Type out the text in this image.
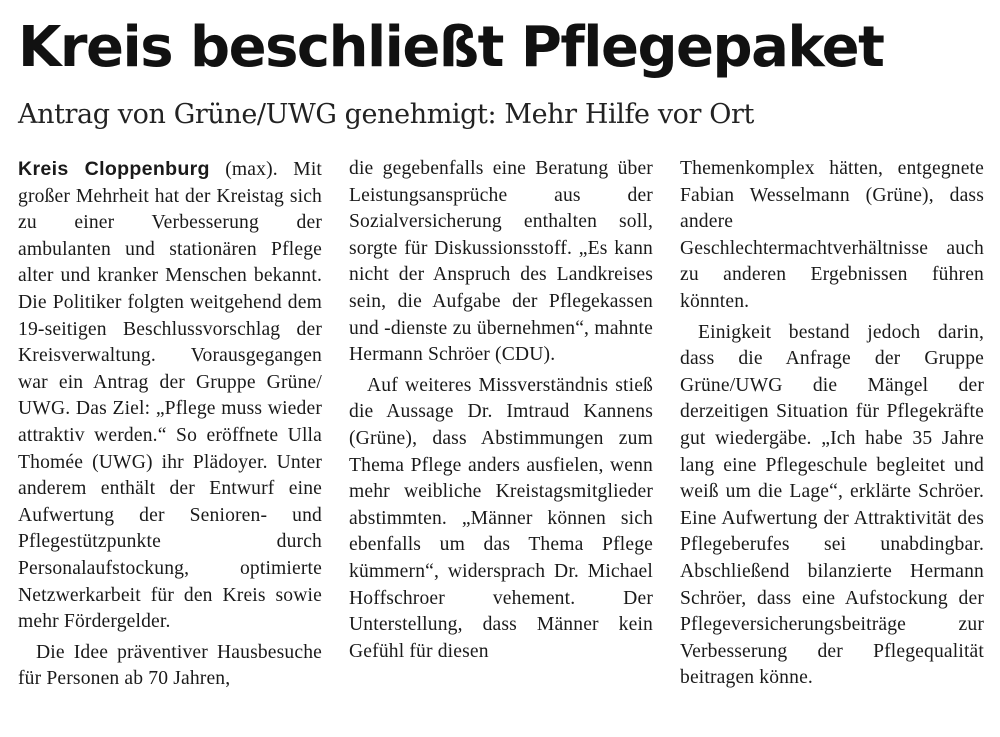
Kreis beschließt Pflegepaket
Antrag von Grüne/UWG genehmigt: Mehr Hilfe vor Ort

Kreis Cloppenburg (max). Mit großer Mehrheit hat der Kreistag sich zu einer Verbesserung der ambulanten und stationären Pflege alter und kranker Menschen bekannt. Die Politiker folgten weitgehend dem 19-seitigen Beschlussvorschlag der Kreisverwaltung. Vorausgegangen war ein Antrag der Gruppe Grüne/ UWG. Das Ziel: „Pflege muss wieder attraktiv werden.“ So eröffnete Ulla Thomée (UWG) ihr Plädoyer. Unter anderem enthält der Entwurf eine Aufwertung der Senioren- und Pflegestützpunkte durch Personalaufstockung, optimierte Netzwerkarbeit für den Kreis sowie mehr Fördergelder.

Die Idee präventiver Hausbesuche für Personen ab 70 Jahren,

die gegebenfalls eine Beratung über Leistungsansprüche aus der Sozialversicherung enthalten soll, sorgte für Diskussionsstoff. „Es kann nicht der Anspruch des Landkreises sein, die Aufgabe der Pflegekassen und -dienste zu übernehmen“, mahnte Hermann Schröer (CDU).

Auf weiteres Missverständnis stieß die Aussage Dr. Imtraud Kannens (Grüne), dass Abstimmungen zum Thema Pflege anders ausfielen, wenn mehr weibliche Kreistagsmitglieder abstimmten. „Männer können sich ebenfalls um das Thema Pflege kümmern“, widersprach Dr. Michael Hoffschroer vehement. Der Unterstellung, dass Männer kein Gefühl für diesen

Themenkomplex hätten, entgegnete Fabian Wesselmann (Grüne), dass andere Geschlechtermachtverhältnisse auch zu anderen Ergebnissen führen könnten.

Einigkeit bestand jedoch darin, dass die Anfrage der Gruppe Grüne/UWG die Mängel der derzeitigen Situation für Pflegekräfte gut wiedergäbe. „Ich habe 35 Jahre lang eine Pflegeschule begleitet und weiß um die Lage“, erklärte Schröer. Eine Aufwertung der Attraktivität des Pflegeberufes sei unabdingbar. Abschließend bilanzierte Hermann Schröer, dass eine Aufstockung der Pflegeversicherungsbeiträge zur Verbesserung der Pflegequalität beitragen könne.
